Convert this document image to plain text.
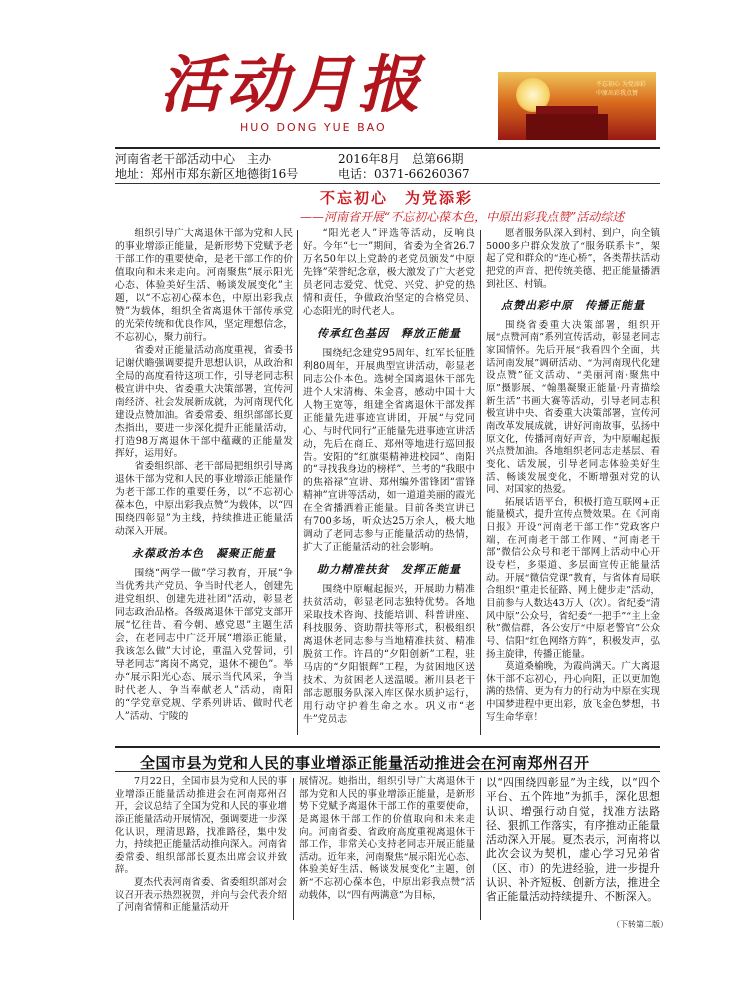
活动月报
HUO DONG YUE BAO
不忘初心 为党添彩 中原出彩我点赞
河南省老干部活动中心　主办	2016年8月　总第66期
地址：郑州市郑东新区地德街16号	电话：0371-66260367
不忘初心　为党添彩
——河南省开展“不忘初心葆本色，中原出彩我点赞”活动综述

组织引导广大离退休干部为党和人民的事业增添正能量，是新形势下党赋予老干部工作的重要使命，是老干部工作的价值取向和未来走向。河南聚焦“展示阳光心态、体验美好生活、畅谈发展变化”主题，以“不忘初心葆本色，中原出彩我点赞”为载体，组织全省离退休干部传承党的光荣传统和优良作风，坚定理想信念，不忘初心，聚力前行。

省委对正能量活动高度重视，省委书记谢伏瞻强调要提升思想认识，从政治和全局的高度看待这项工作，引导老同志积极宣讲中央、省委重大决策部署，宣传河南经济、社会发展新成就，为河南现代化建设点赞加油。省委常委、组织部部长夏杰指出，要进一步深化提升正能量活动，打造98万离退休干部中蕴藏的正能量发挥好，运用好。

省委组织部、老干部局把组织引导离退休干部为党和人民的事业增添正能量作为老干部工作的重要任务，以“不忘初心葆本色，中原出彩我点赞”为载体，以“四围绕四彰显”为主线，持续推进正能量活动深入开展。

永葆政治本色　凝聚正能量

围绕“两学一做”学习教育，开展“争当优秀共产党员、争当时代老人，创建先进党组织、创建先进社团”活动，彰显老同志政治品格。各级离退休干部党支部开展“忆往昔、看今朝、感党恩”主题生活会，在老同志中广泛开展“增添正能量，我该怎么做”大讨论，重温入党誓词，引导老同志“离岗不离党，退休不褪色”。举办“展示阳光心态、展示当代风采，争当时代老人、争当奉献老人”活动，南阳的“学党章党规、学系列讲话、做时代老人”活动、宁陵的

“阳光老人”评选等活动，反响良好。今年“七一”期间，省委为全省26.7万名50年以上党龄的老党员颁发“中原先锋”荣誉纪念章，极大激发了广大老党员老同志爱党、忧党、兴党、护党的热情和责任，争做政治坚定的合格党员、心态阳光的时代老人。

传承红色基因　释放正能量

围绕纪念建党95周年、红军长征胜利80周年，开展典型宣讲活动，彰显老同志公仆本色。选树全国离退休干部先进个人宋清梅、朱金喜，感动中国十大人物王宽等，组建全省离退休干部发挥正能量先进事迹宣讲团，开展“与党同心、与时代同行”正能量先进事迹宣讲活动，先后在商丘、郑州等地进行巡回报告。安阳的“红旗渠精神进校园”、南阳的“寻找我身边的榜样”、兰考的“我眼中的焦裕禄”宣讲、郑州编外雷锋团“雷锋精神”宣讲等活动，如一道道美丽的霞光在全省播洒着正能量。目前各类宣讲已有700多场，听众达25万余人，极大地调动了老同志参与正能量活动的热情，扩大了正能量活动的社会影响。

助力精准扶贫　发挥正能量

围绕中原崛起振兴，开展助力精准扶贫活动，彰显老同志独特优势。各地采取技术咨询、技能培训、科普讲座、科技服务、资助帮扶等形式，积极组织离退休老同志参与当地精准扶贫、精准脱贫工作。许昌的“夕阳创新”工程，驻马店的“夕阳银辉”工程，为贫困地区送技术、为贫困老人送温暖。淅川县老干部志愿服务队深入库区保水质护运行，用行动守护着生命之水。巩义市“老牛”党员志

愿者服务队深入到村、到户，向全镇5000多户群众发放了“服务联系卡”，架起了党和群众的“连心桥”，各类帮扶活动把党的声音、把传统美德、把正能量播洒到社区、村镇。

点赞出彩中原　传播正能量

围绕省委重大决策部署，组织开展“点赞河南”系列宣传活动，彰显老同志家国情怀。先后开展“我看四个全面，共话河南发展”调研活动、“为河南现代化建设点赞”征文活动、“美丽河南·聚焦中原”摄影展、“翰墨凝聚正能量·丹青描绘新生活”书画大赛等活动，引导老同志积极宣讲中央、省委重大决策部署，宣传河南改革发展成就，讲好河南故事，弘扬中原文化，传播河南好声音，为中原崛起振兴点赞加油。各地组织老同志走基层、看变化、话发展，引导老同志体验美好生活、畅谈发展变化，不断增强对党的认同、对国家的热爱。

拓展话语平台，积极打造互联网+正能量模式，提升宣传点赞效果。在《河南日报》开设“河南老干部工作”党政客户端，在河南老干部工作网、“河南老干部”微信公众号和老干部网上活动中心开设专栏，多渠道、多层面宣传正能量活动。开展“微信党课”教育，与省体育局联合组织“重走长征路、网上健步走”活动，目前参与人数达43万人（次）。省纪委“清风中原”公众号，省纪委“一把手”“主上金秋”微信群，各公安厅“中原老警官”公众号、信阳“红色网络方阵”，积极发声，弘扬主旋律，传播正能量。

莫道桑榆晚，为霞尚满天。广大离退休干部不忘初心，丹心向阳，正以更加饱满的热情、更为有力的行动为中原在实现中国梦进程中更出彩，放飞金色梦想，书写生命华章！

全国市县为党和人民的事业增添正能量活动推进会在河南郑州召开

7月22日，全国市县为党和人民的事业增添正能量活动推进会在河南郑州召开，会议总结了全国为党和人民的事业增添正能量活动开展情况，强调要进一步深化认识，理清思路，找准路径，集中发力，持续把正能量活动推向深入。河南省委常委、组织部部长夏杰出席会议并致辞。

夏杰代表河南省委、省委组织部对会议召开表示热烈祝贺，并向与会代表介绍了河南省情和正能量活动开

展情况。她指出，组织引导广大离退休干部为党和人民的事业增添正能量，是新形势下党赋予离退休干部工作的重要使命，是离退休干部工作的价值取向和未来走向。河南省委、省政府高度重视离退休干部工作，非常关心支持老同志开展正能量活动。近年来，河南聚焦“展示阳光心态、体验美好生活、畅谈发展变化”主题，创新“不忘初心葆本色，中原出彩我点赞”活动载体，以“四有两满意”为目标，

以“四围绕四彰显”为主线，以“四个平台、五个阵地”为抓手，深化思想认识、增强行动自觉，找准方法路径、狠抓工作落实，有序推动正能量活动深入开展。夏杰表示，河南将以此次会议为契机，虚心学习兄弟省（区、市）的先进经验，进一步提升认识、补齐短板、创新方法，推进全省正能量活动持续提升、不断深入。

（下转第二版）
